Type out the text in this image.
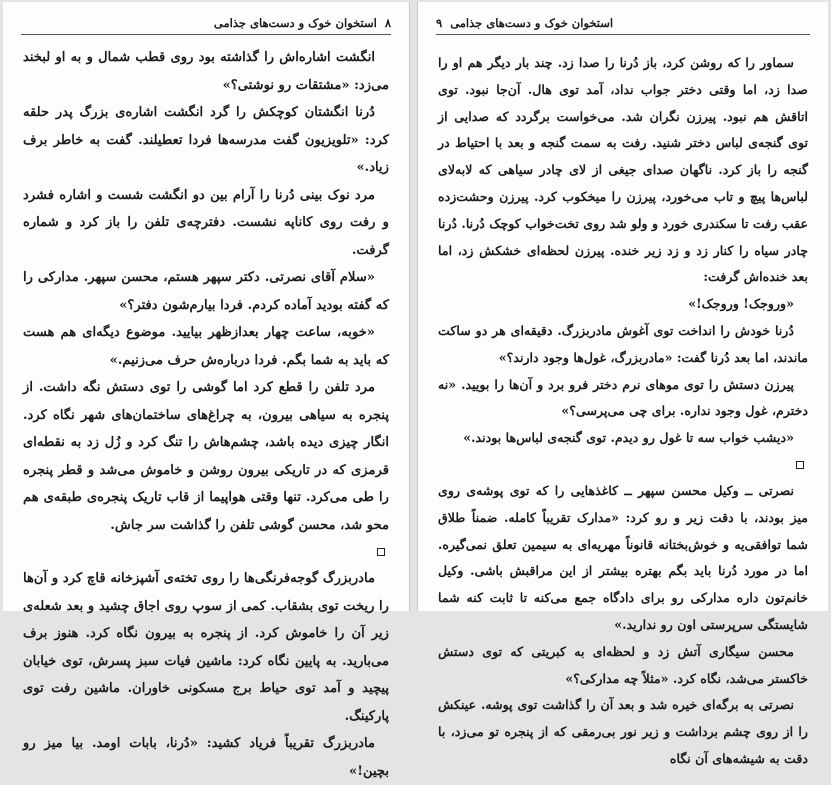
۸
استخوان خوک و دست‌های جذامی

انگشت اشاره‌اش را گذاشته بود روی قطب شمال و به او لبخند می‌زد: «مشتقات رو نوشتی؟»

دُرنا انگشتان کوچکش را گرد انگشت اشاره‌ی بزرگ پدر حلقه کرد: «تلویزیون گفت مدرسه‌ها فردا تعطیلند. گفت به خاطر برف زیاد.»

مرد نوک بینی دُرنا را آرام بین دو انگشت شست و اشاره فشرد و رفت روی کاناپه نشست. دفترچه‌ی تلفن را باز کرد و شماره گرفت.

«سلام آقای نصرتی. دکتر سپهر هستم، محسن سپهر. مدارکی را که گفته بودید آماده کردم. فردا بیارم‌شون دفتر؟»

«خوبه، ساعت چهار بعدازظهر بیایید. موضوع دیگه‌ای هم هست که باید به شما بگم. فردا درباره‌ش حرف می‌زنیم.»

مرد تلفن را قطع کرد اما گوشی را توی دستش نگه داشت. از پنجره به سیاهی بیرون، به چراغ‌های ساختمان‌های شهر نگاه کرد. انگار چیزی دیده باشد، چشم‌هاش را تنگ کرد و زُل زد به نقطه‌ای قرمزی که در تاریکی بیرون روشن و خاموش می‌شد و قطر پنجره را طی می‌کرد. تنها وقتی هواپیما از قاب تاریک پنجره‌ی طبقه‌ی هم محو شد، محسن گوشی تلفن را گذاشت سر جاش.

مادربزرگ گوجه‌فرنگی‌ها را روی تخته‌ی آشپزخانه قاچ کرد و آن‌ها را ریخت توی بشقاب. کمی از سوپ روی اجاق چشید و بعد شعله‌ی زیر آن را خاموش کرد. از پنجره به بیرون نگاه کرد. هنوز برف می‌بارید. به پایین نگاه کرد: ماشین فیات سبز پسرش، توی خیابان پیچید و آمد توی حیاط برج مسکونی خاوران. ماشین رفت توی پارکینگ.

مادربزرگ تقریباً فریاد کشید: «دُرنا، بابات اومد. بیا میز رو بچین!»

استخوان خوک و دست‌های جذامی
۹

سماور را که روشن کرد، باز دُرنا را صدا زد. چند بار دیگر هم او را صدا زد، اما وقتی دختر جواب نداد، آمد توی هال. آن‌جا نبود. توی اتاقش هم نبود. پیرزن نگران شد. می‌خواست برگردد که صدایی از توی گنجه‌ی لباس دختر شنید. رفت به سمت گنجه و بعد با احتیاط در گنجه را باز کرد. ناگهان صدای جیغی از لای چادر سیاهی که لابه‌لای لباس‌ها پیچ و تاب می‌خورد، پیرزن را میخکوب کرد. پیرزن وحشت‌زده عقب رفت تا سکندری خورد و ولو شد روی تخت‌خواب کوچک دُرنا. دُرنا چادر سیاه را کنار زد و زد زیر خنده. پیرزن لحظه‌ای خشکش زد، اما بعد خنده‌اش گرفت:

«وروجک! وروجک!»

دُرنا خودش را انداخت توی آغوش مادربزرگ. دقیقه‌ای هر دو ساکت ماندند، اما بعد دُرنا گفت: «مادربزرگ، غول‌ها وجود دارند؟»

پیرزن دستش را توی موهای نرم دختر فرو برد و آن‌ها را بویید. «نه دخترم، غول وجود نداره. برای چی می‌پرسی؟»

«دیشب خواب سه تا غول رو دیدم. توی گنجه‌ی لباس‌ها بودند.»

نصرتی ــ وکیل محسن سپهر ــ کاغذهایی را که توی پوشه‌ی روی میز بودند، با دقت زیر و رو کرد: «مدارک تقریباً کامله. ضمناً طلاق شما توافقی‌یه و خوش‌بختانه قانوناً مهریه‌ای به سیمین تعلق نمی‌گیره. اما در مورد دُرنا باید بگم بهتره بیشتر از این مراقبش باشی. وکیل خانم‌تون داره مدارکی رو برای دادگاه جمع می‌کنه تا ثابت کنه شما شایستگی سرپرستی اون رو ندارید.»

محسن سیگاری آتش زد و لحظه‌ای به کبریتی که توی دستش خاکستر می‌شد، نگاه کرد. «مثلاً چه مدارکی؟»

نصرتی به برگه‌ای خیره شد و بعد آن را گذاشت توی پوشه. عینکش را از روی چشم برداشت و زیر نور بی‌رمقی که از پنجره تو می‌زد، با دقت به شیشه‌های آن نگاه
